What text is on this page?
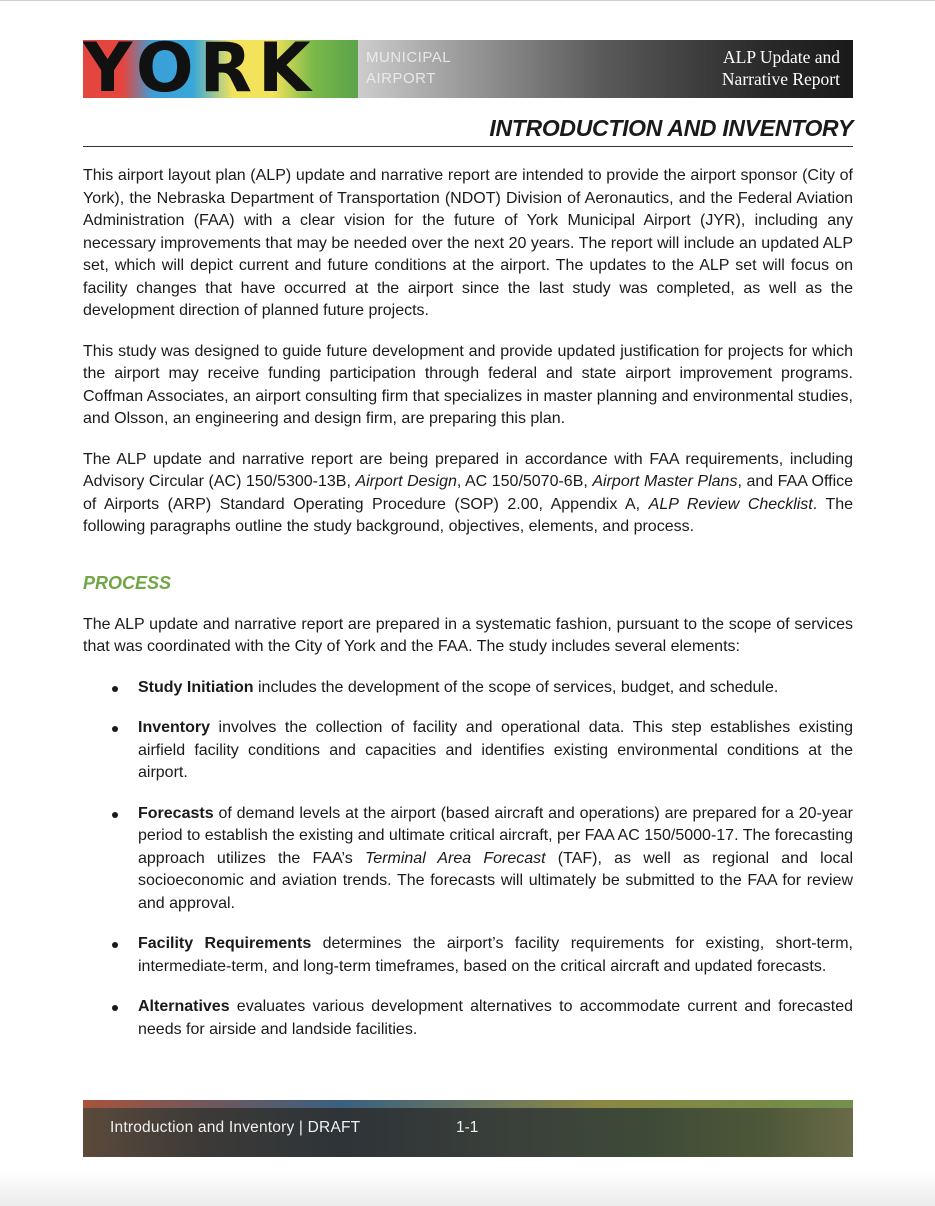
YORK	MUNICIPAL
AIRPORT
ALP Update and
Narrative Report
INTRODUCTION AND INVENTORY

This airport layout plan (ALP) update and narrative report are intended to provide the airport sponsor (City of York), the Nebraska Department of Transportation (NDOT) Division of Aeronautics, and the Federal Aviation Administration (FAA) with a clear vision for the future of York Municipal Airport (JYR), including any necessary improvements that may be needed over the next 20 years. The report will include an updated ALP set, which will depict current and future conditions at the airport. The updates to the ALP set will focus on facility changes that have occurred at the airport since the last study was completed, as well as the development direction of planned future projects.

This study was designed to guide future development and provide updated justification for projects for which the airport may receive funding participation through federal and state airport improvement programs. Coffman Associates, an airport consulting firm that specializes in master planning and environmental studies, and Olsson, an engineering and design firm, are preparing this plan.

The ALP update and narrative report are being prepared in accordance with FAA requirements, including Advisory Circular (AC) 150/5300-13B, Airport Design, AC 150/5070-6B, Airport Master Plans, and FAA Office of Airports (ARP) Standard Operating Procedure (SOP) 2.00, Appendix A, ALP Review Checklist. The following paragraphs outline the study background, objectives, elements, and process.

PROCESS

The ALP update and narrative report are prepared in a systematic fashion, pursuant to the scope of services that was coordinated with the City of York and the FAA. The study includes several elements:

Study Initiation includes the development of the scope of services, budget, and schedule.
Inventory involves the collection of facility and operational data. This step establishes existing airfield facility conditions and capacities and identifies existing environmental conditions at the airport.
Forecasts of demand levels at the airport (based aircraft and operations) are prepared for a 20-year period to establish the existing and ultimate critical aircraft, per FAA AC 150/5000-17. The forecasting approach utilizes the FAA’s Terminal Area Forecast (TAF), as well as regional and local socioeconomic and aviation trends. The forecasts will ultimately be submitted to the FAA for review and approval.
Facility Requirements determines the airport’s facility requirements for existing, short-term, intermediate-term, and long-term timeframes, based on the critical aircraft and updated forecasts.
Alternatives evaluates various development alternatives to accommodate current and forecasted needs for airside and landside facilities.
Introduction and Inventory | DRAFT	1-1
